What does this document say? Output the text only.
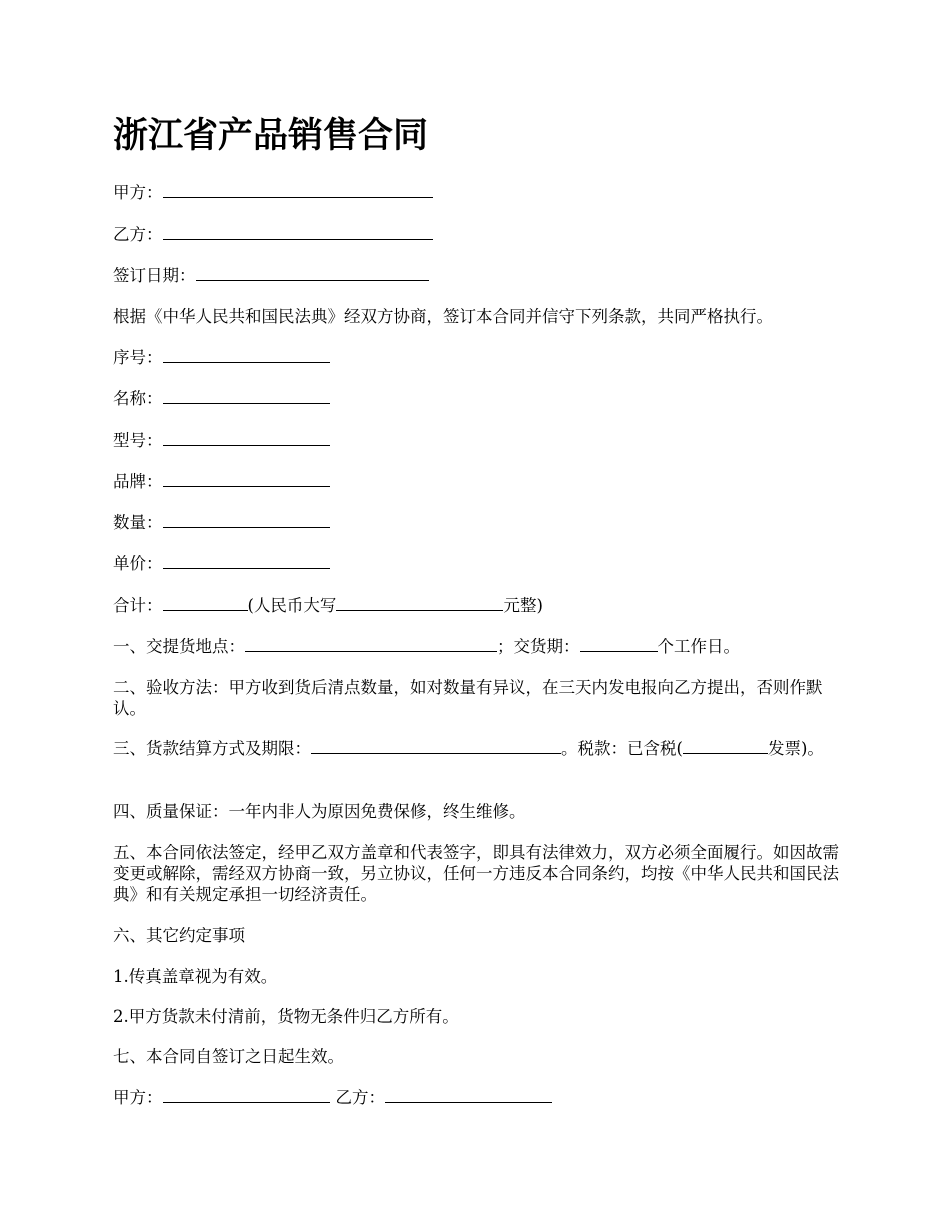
浙江省产品销售合同
甲方：
乙方：
签订日期：
根据《中华人民共和国民法典》经双方协商，签订本合同并信守下列条款，共同严格执行。
序号：
名称：
型号：
品牌：
数量：
单价：
合计：	(人民币大写	元整)
一、交提货地点：	；交货期：	个工作日。
二、验收方法：甲方收到货后清点数量，如对数量有异议，在三天内发电报向乙方提出，否则作默认。
三、货款结算方式及期限：	。税款：已含税(	发票)。
四、质量保证：一年内非人为原因免费保修，终生维修。
五、本合同依法签定，经甲乙双方盖章和代表签字，即具有法律效力，双方必须全面履行。如因故需变更或解除，需经双方协商一致，另立协议，任何一方违反本合同条约，均按《中华人民共和国民法典》和有关规定承担一切经济责任。
六、其它约定事项
1.传真盖章视为有效。
2.甲方货款未付清前，货物无条件归乙方所有。
七、本合同自签订之日起生效。
甲方：	乙方：
